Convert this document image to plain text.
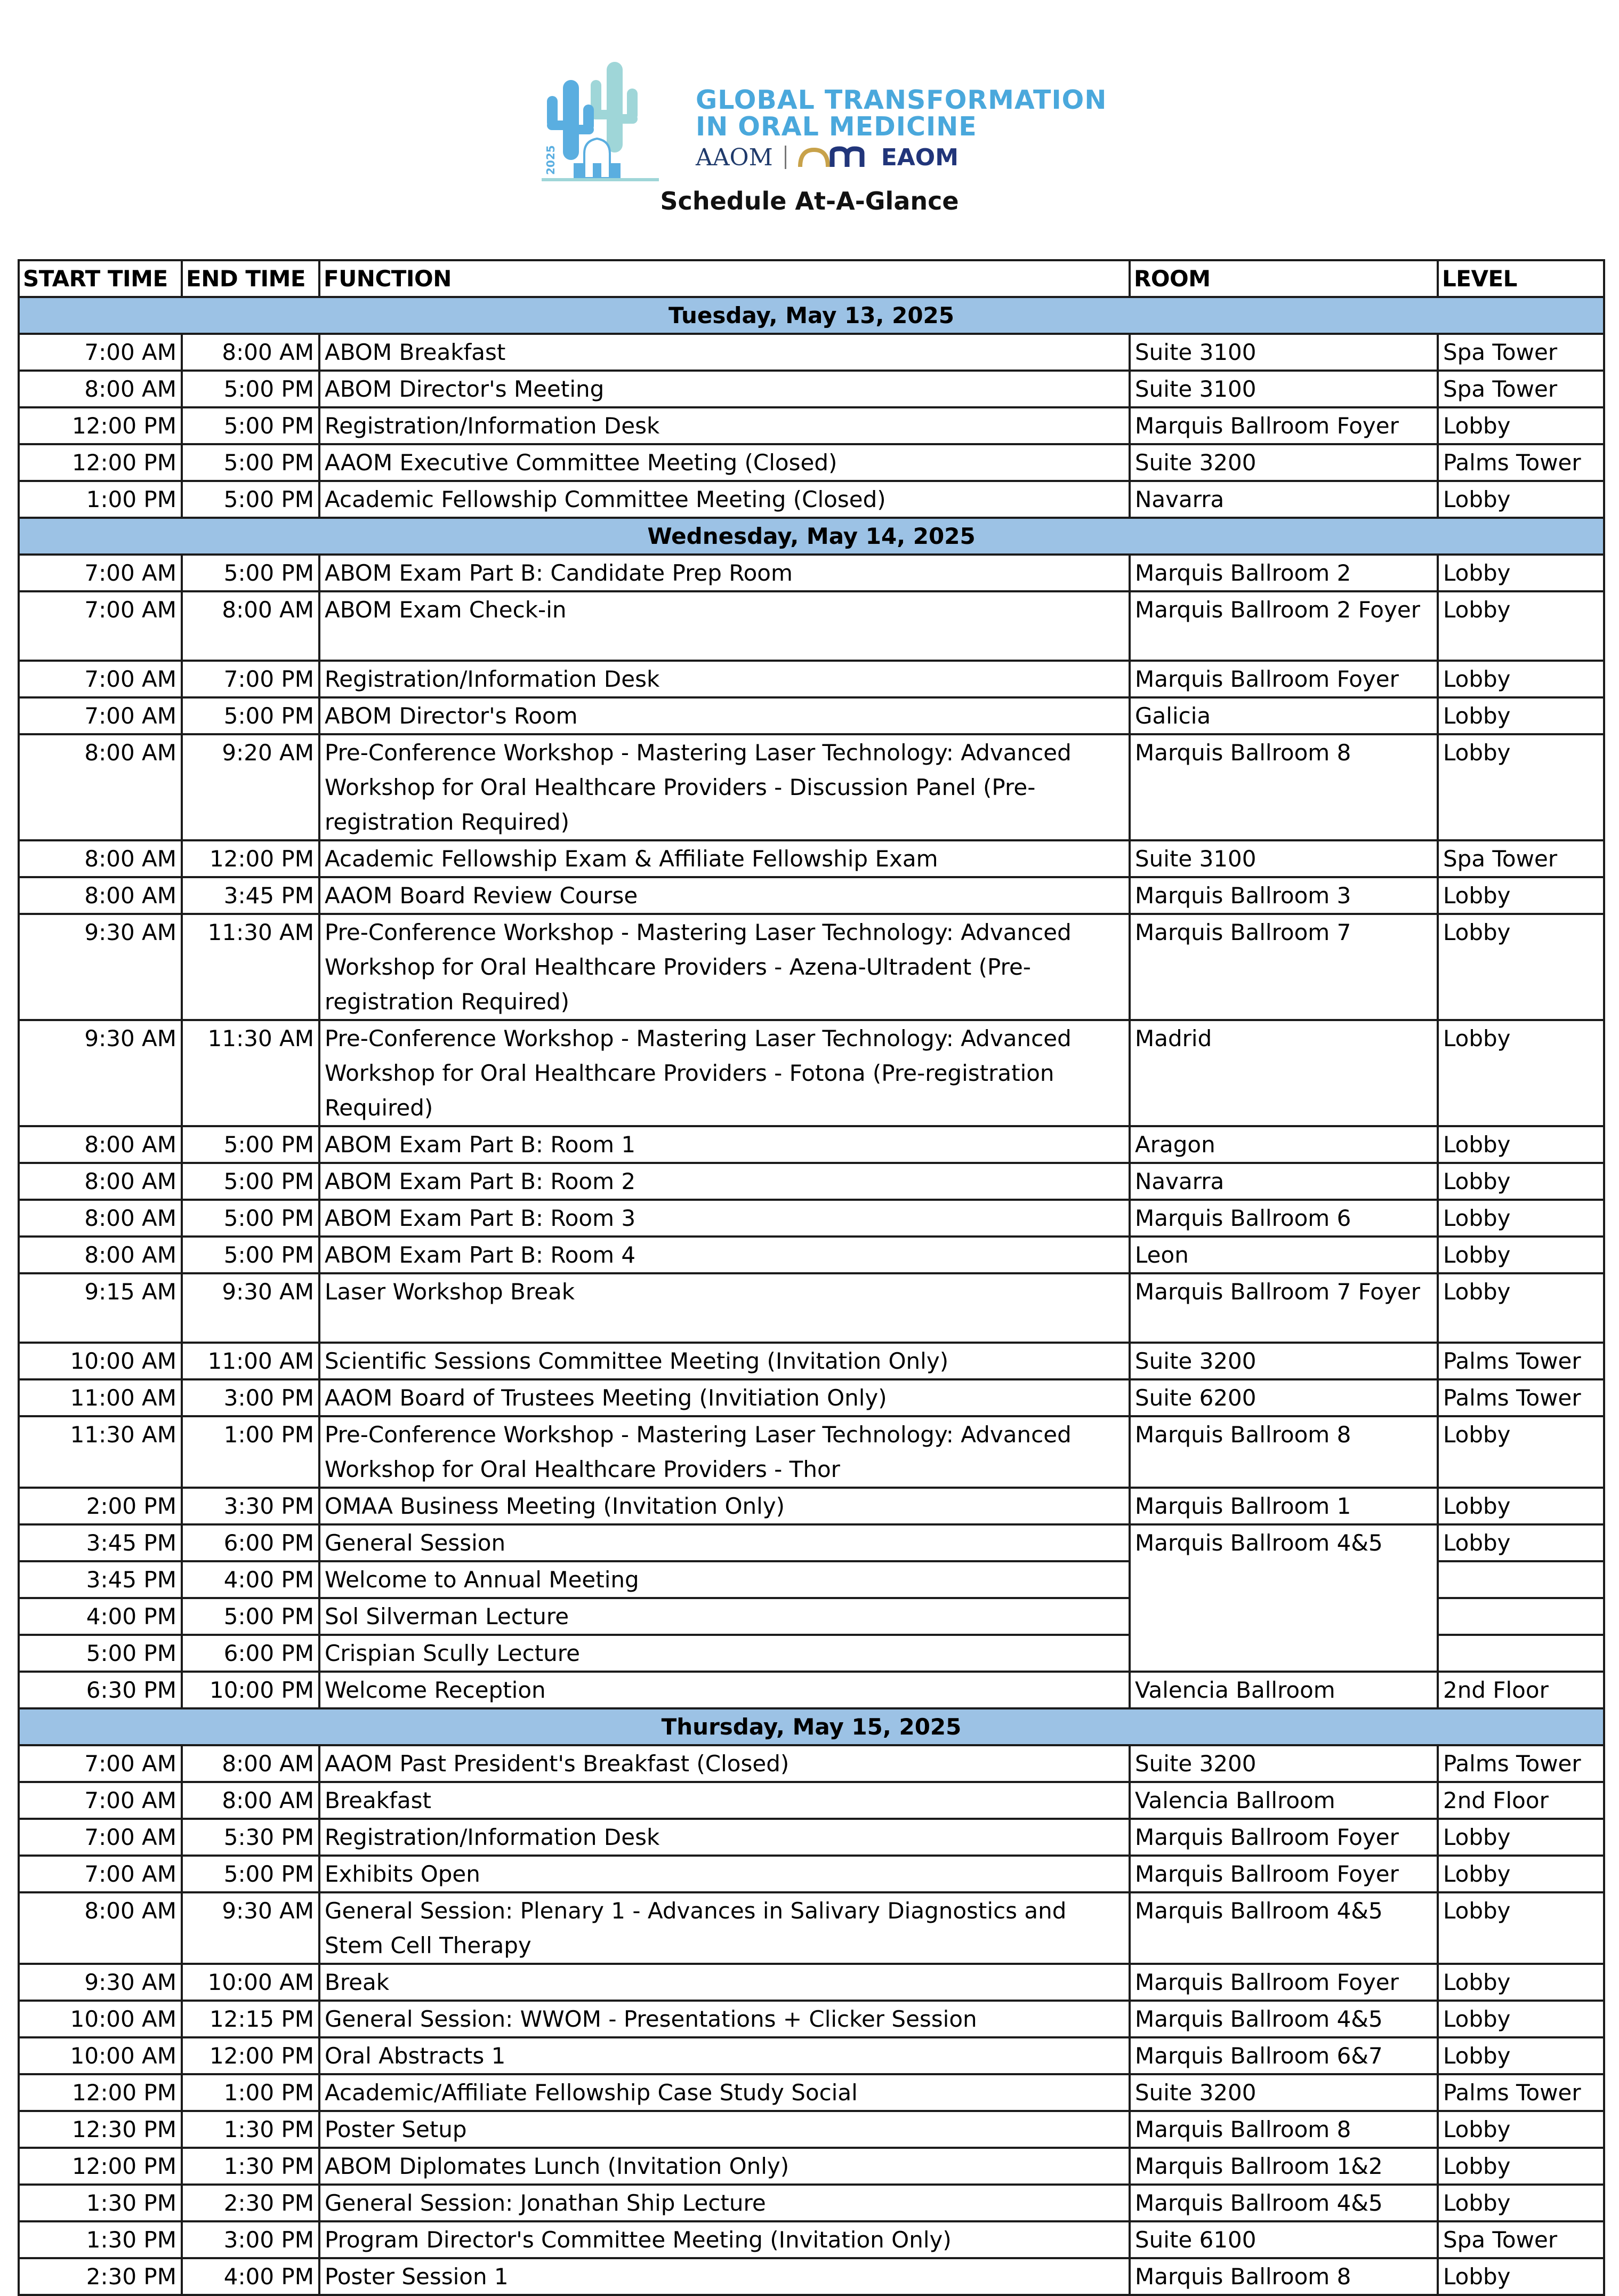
2025
GLOBAL TRANSFORMATION
IN ORAL MEDICINE
AAOM	EAOM
Schedule At-A-Glance
START TIME	END TIME	FUNCTION	ROOM	LEVEL
Tuesday, May 13, 2025				
7:00 AM	8:00 AM	ABOM Breakfast	Suite 3100	Spa Tower
8:00 AM	5:00 PM	ABOM Director's Meeting	Suite 3100	Spa Tower
12:00 PM	5:00 PM	Registration/Information Desk	Marquis Ballroom Foyer	Lobby
12:00 PM	5:00 PM	AAOM Executive Committee Meeting (Closed)	Suite 3200	Palms Tower
1:00 PM	5:00 PM	Academic Fellowship Committee Meeting (Closed)	Navarra	Lobby
Wednesday, May 14, 2025				
7:00 AM	5:00 PM	ABOM Exam Part B: Candidate Prep Room	Marquis Ballroom 2	Lobby
7:00 AM	8:00 AM	ABOM Exam Check-in	Marquis Ballroom 2 Foyer	Lobby
7:00 AM	7:00 PM	Registration/Information Desk	Marquis Ballroom Foyer	Lobby
7:00 AM	5:00 PM	ABOM Director's Room	Galicia	Lobby
8:00 AM	9:20 AM	Pre-Conference Workshop - Mastering Laser Technology: Advanced Workshop for Oral Healthcare Providers - Discussion Panel (Pre-registration Required)	Marquis Ballroom 8	Lobby
8:00 AM	12:00 PM	Academic Fellowship Exam & Affiliate Fellowship Exam	Suite 3100	Spa Tower
8:00 AM	3:45 PM	AAOM Board Review Course	Marquis Ballroom 3	Lobby
9:30 AM	11:30 AM	Pre-Conference Workshop - Mastering Laser Technology: Advanced Workshop for Oral Healthcare Providers - Azena-Ultradent (Pre-registration Required)	Marquis Ballroom 7	Lobby
9:30 AM	11:30 AM	Pre-Conference Workshop - Mastering Laser Technology: Advanced Workshop for Oral Healthcare Providers - Fotona (Pre-registration Required)	Madrid	Lobby
8:00 AM	5:00 PM	ABOM Exam Part B: Room 1	Aragon	Lobby
8:00 AM	5:00 PM	ABOM Exam Part B: Room 2	Navarra	Lobby
8:00 AM	5:00 PM	ABOM Exam Part B: Room 3	Marquis Ballroom 6	Lobby
8:00 AM	5:00 PM	ABOM Exam Part B: Room 4	Leon	Lobby
9:15 AM	9:30 AM	Laser Workshop Break	Marquis Ballroom 7 Foyer	Lobby
10:00 AM	11:00 AM	Scientific Sessions Committee Meeting (Invitation Only)	Suite 3200	Palms Tower
11:00 AM	3:00 PM	AAOM Board of Trustees Meeting (Invitiation Only)	Suite 6200	Palms Tower
11:30 AM	1:00 PM	Pre-Conference Workshop - Mastering Laser Technology: Advanced Workshop for Oral Healthcare Providers - Thor	Marquis Ballroom 8	Lobby
2:00 PM	3:30 PM	OMAA Business Meeting (Invitation Only)	Marquis Ballroom 1	Lobby
3:45 PM	6:00 PM	General Session	Marquis Ballroom 4&5	Lobby
3:45 PM	4:00 PM	Welcome to Annual Meeting		
4:00 PM	5:00 PM	Sol Silverman Lecture		
5:00 PM	6:00 PM	Crispian Scully Lecture		
6:30 PM	10:00 PM	Welcome Reception	Valencia Ballroom	2nd Floor
Thursday, May 15, 2025				
7:00 AM	8:00 AM	AAOM Past President's Breakfast (Closed)	Suite 3200	Palms Tower
7:00 AM	8:00 AM	Breakfast	Valencia Ballroom	2nd Floor
7:00 AM	5:30 PM	Registration/Information Desk	Marquis Ballroom Foyer	Lobby
7:00 AM	5:00 PM	Exhibits Open	Marquis Ballroom Foyer	Lobby
8:00 AM	9:30 AM	General Session: Plenary 1 - Advances in Salivary Diagnostics and Stem Cell Therapy	Marquis Ballroom 4&5	Lobby
9:30 AM	10:00 AM	Break	Marquis Ballroom Foyer	Lobby
10:00 AM	12:15 PM	General Session: WWOM - Presentations + Clicker Session	Marquis Ballroom 4&5	Lobby
10:00 AM	12:00 PM	Oral Abstracts 1	Marquis Ballroom 6&7	Lobby
12:00 PM	1:00 PM	Academic/Affiliate Fellowship Case Study Social	Suite 3200	Palms Tower
12:30 PM	1:30 PM	Poster Setup	Marquis Ballroom 8	Lobby
12:00 PM	1:30 PM	ABOM Diplomates Lunch (Invitation Only)	Marquis Ballroom 1&2	Lobby
1:30 PM	2:30 PM	General Session: Jonathan Ship Lecture	Marquis Ballroom 4&5	Lobby
1:30 PM	3:00 PM	Program Director's Committee Meeting (Invitation Only)	Suite 6100	Spa Tower
2:30 PM	4:00 PM	Poster Session 1	Marquis Ballroom 8	Lobby
